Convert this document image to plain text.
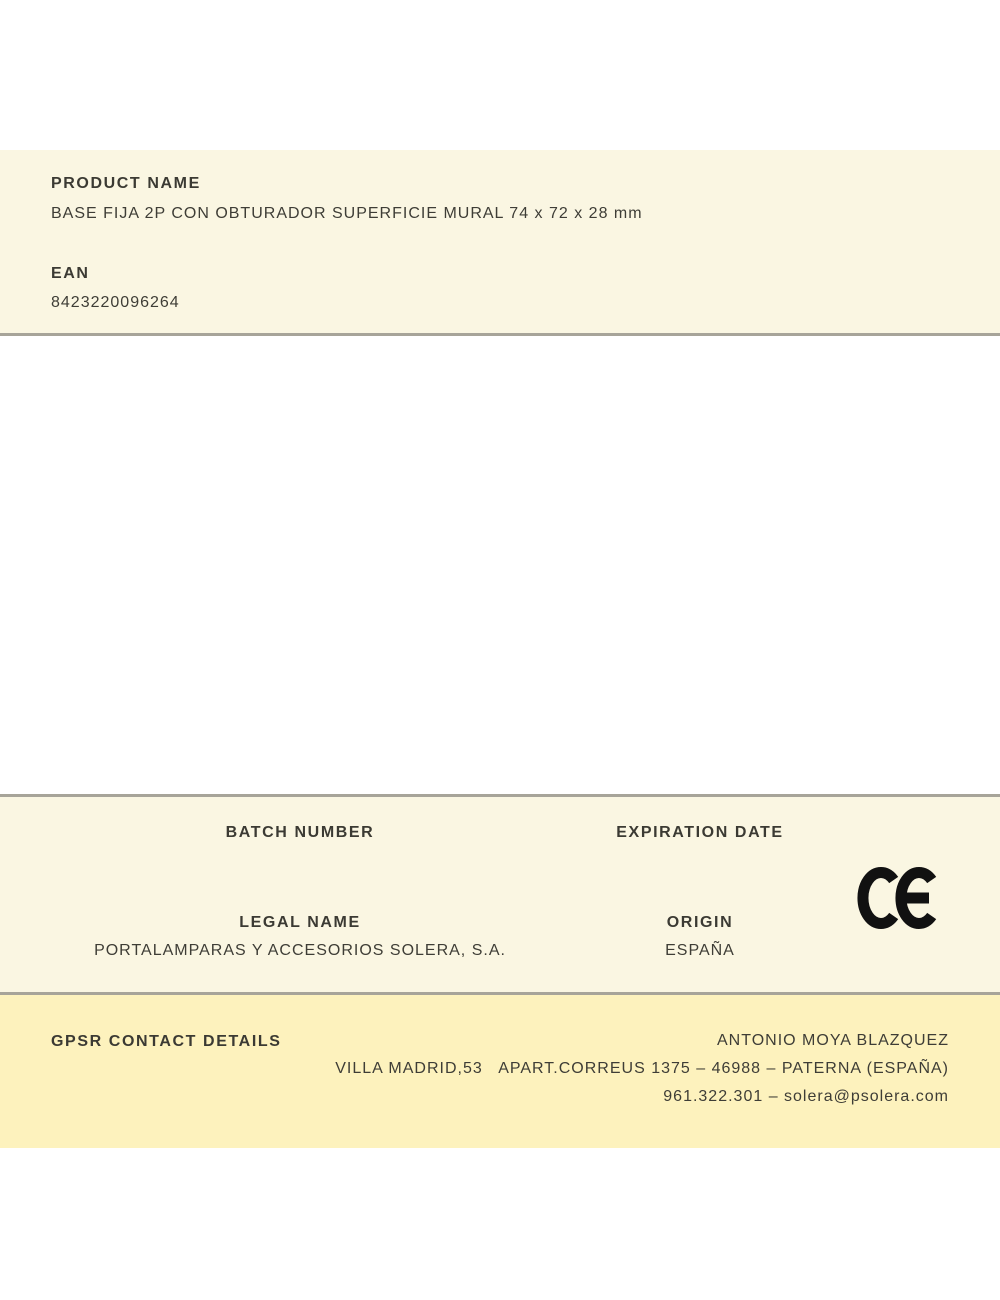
PRODUCT NAME
BASE FIJA 2P CON OBTURADOR SUPERFICIE MURAL 74 x 72 x 28 mm
EAN
8423220096264
BATCH NUMBER	EXPIRATION DATE
LEGAL NAME
PORTALAMPARAS Y ACCESORIOS SOLERA, S.A.
ORIGIN
ESPAÑA
GPSR CONTACT DETAILS	ANTONIO MOYA BLAZQUEZ
VILLA MADRID,53   APART.CORREUS 1375 – 46988 – PATERNA (ESPAÑA)
961.322.301 – solera@psolera.com
